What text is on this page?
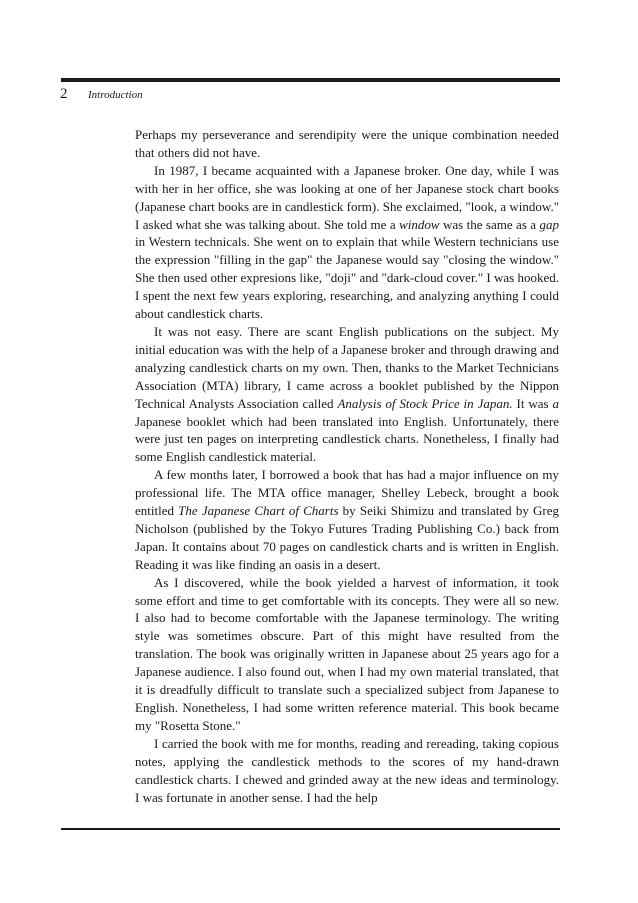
2 Introduction

Perhaps my perseverance and serendipity were the unique combination needed that others did not have.

In 1987, I became acquainted with a Japanese broker. One day, while I was with her in her office, she was looking at one of her Japanese stock chart books (Japanese chart books are in candlestick form). She exclaimed, "look, a window." I asked what she was talking about. She told me a window was the same as a gap in Western technicals. She went on to explain that while Western technicians use the expression "filling in the gap" the Japanese would say "closing the window." She then used other expresions like, "doji" and "dark-cloud cover." I was hooked. I spent the next few years exploring, researching, and analyzing anything I could about candlestick charts.

It was not easy. There are scant English publications on the subject. My initial education was with the help of a Japanese broker and through drawing and analyzing candlestick charts on my own. Then, thanks to the Market Technicians Association (MTA) library, I came across a booklet published by the Nippon Technical Analysts Association called Analysis of Stock Price in Japan. It was a Japanese booklet which had been translated into English. Unfortunately, there were just ten pages on interpreting candlestick charts. Nonetheless, I finally had some English candlestick material.

A few months later, I borrowed a book that has had a major influence on my professional life. The MTA office manager, Shelley Lebeck, brought a book entitled The Japanese Chart of Charts by Seiki Shimizu and translated by Greg Nicholson (published by the Tokyo Futures Trading Publishing Co.) back from Japan. It contains about 70 pages on candlestick charts and is written in English. Reading it was like finding an oasis in a desert.

As I discovered, while the book yielded a harvest of information, it took some effort and time to get comfortable with its concepts. They were all so new. I also had to become comfortable with the Japanese terminology. The writing style was sometimes obscure. Part of this might have resulted from the translation. The book was originally written in Japanese about 25 years ago for a Japanese audience. I also found out, when I had my own material translated, that it is dreadfully difficult to translate such a specialized subject from Japanese to English. Nonetheless, I had some written reference material. This book became my "Rosetta Stone."

I carried the book with me for months, reading and rereading, taking copious notes, applying the candlestick methods to the scores of my hand-drawn candlestick charts. I chewed and grinded away at the new ideas and terminology. I was fortunate in another sense. I had the help
